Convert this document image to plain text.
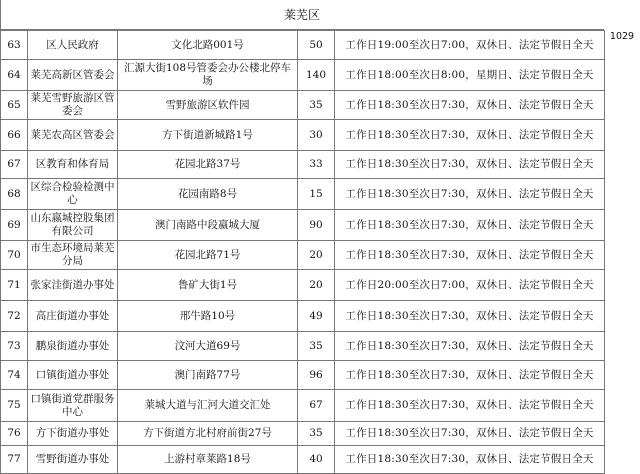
莱芜区
63	区人民政府	文化北路001号	50	工作日19:00至次日7:00，双休日、法定节假日全天
64	莱芜高新区管委会	汇源大街108号管委会办公楼北停车场	140	工作日18:00至次日8:00，星期日、法定节假日全天
65	莱芜雪野旅游区管委会	雪野旅游区软件园	35	工作日18:30至次日7:30，双休日、法定节假日全天
66	莱芜农高区管委会	方下街道新城路1号	30	工作日18:30至次日7:30，双休日、法定节假日全天
67	区教育和体育局	花园北路37号	33	工作日18:30至次日7:30，双休日、法定节假日全天
68	区综合检验检测中心	花园南路8号	15	工作日18:30至次日7:30，双休日、法定节假日全天
69	山东嬴城控股集团有限公司	澳门南路中段嬴城大厦	90	工作日18:30至次日7:30，双休日、法定节假日全天
70	市生态环境局莱芜分局	花园北路71号	20	工作日18:30至次日7:30，双休日、法定节假日全天
71	张家洼街道办事处	鲁矿大街1号	20	工作日20:00至次日7:00，双休日、法定节假日全天
72	高庄街道办事处	邢牛路10号	49	工作日18:30至次日7:30，双休日、法定节假日全天
73	鹏泉街道办事处	汶河大道69号	35	工作日18:30至次日7:30，双休日、法定节假日全天
74	口镇街道办事处	澳门南路77号	96	工作日18:30至次日7:30，双休日、法定节假日全天
75	口镇街道党群服务中心	莱城大道与汇河大道交汇处	67	工作日18:30至次日7:30，双休日、法定节假日全天
76	方下街道办事处	方下街道方北村府前街27号	35	工作日18:30至次日7:30，双休日、法定节假日全天
77	雪野街道办事处	上游村章莱路18号	40	工作日18:30至次日7:30，双休日、法定节假日全天
1029
